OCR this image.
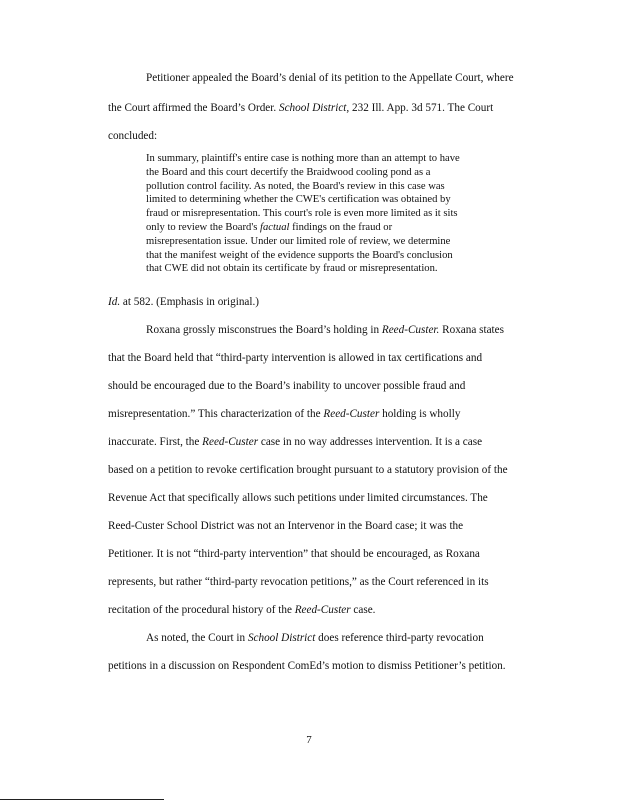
Petitioner appealed the Board’s denial of its petition to the Appellate Court, where
the Court affirmed the Board’s Order. School District, 232 Ill. App. 3d 571. The Court
concluded:
In summary, plaintiff's entire case is nothing more than an attempt to have
the Board and this court decertify the Braidwood cooling pond as a
pollution control facility. As noted, the Board's review in this case was
limited to determining whether the CWE's certification was obtained by
fraud or misrepresentation. This court's role is even more limited as it sits
only to review the Board's factual findings on the fraud or
misrepresentation issue. Under our limited role of review, we determine
that the manifest weight of the evidence supports the Board's conclusion
that CWE did not obtain its certificate by fraud or misrepresentation.
Id. at 582. (Emphasis in original.)
Roxana grossly misconstrues the Board’s holding in Reed-Custer. Roxana states
that the Board held that “third-party intervention is allowed in tax certifications and
should be encouraged due to the Board’s inability to uncover possible fraud and
misrepresentation.” This characterization of the Reed-Custer holding is wholly
inaccurate. First, the Reed-Custer case in no way addresses intervention. It is a case
based on a petition to revoke certification brought pursuant to a statutory provision of the
Revenue Act that specifically allows such petitions under limited circumstances. The
Reed-Custer School District was not an Intervenor in the Board case; it was the
Petitioner. It is not “third-party intervention” that should be encouraged, as Roxana
represents, but rather “third-party revocation petitions,” as the Court referenced in its
recitation of the procedural history of the Reed-Custer case.
As noted, the Court in School District does reference third-party revocation
petitions in a discussion on Respondent ComEd’s motion to dismiss Petitioner’s petition.
7
